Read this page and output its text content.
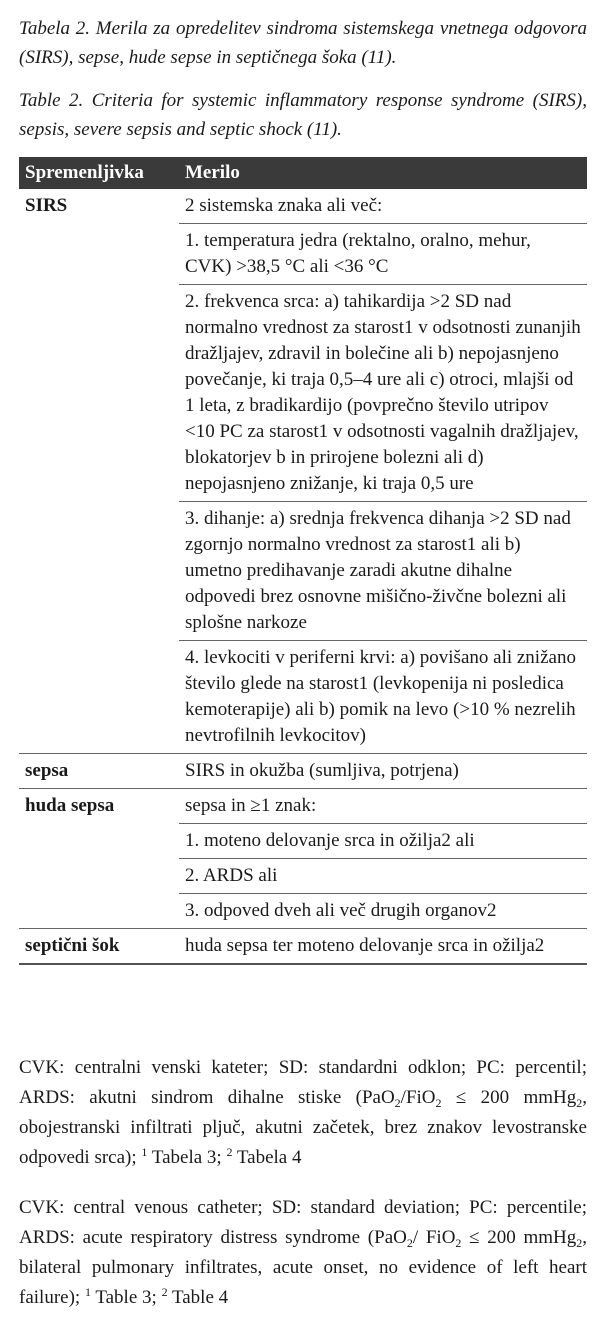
Tabela 2. Merila za opredelitev sindroma sistemskega vnetnega odgovora (SIRS), sepse, hude sepse in septičnega šoka (11).
Table 2. Criteria for systemic inflammatory response syndrome (SIRS), sepsis, severe sepsis and septic shock (11).
Spremenljivka	Merilo
SIRS	2 sistemska znaka ali več:
	1. temperatura jedra (rektalno, oralno, mehur, CVK) >38,5 °C ali <36 °C
	2. frekvenca srca: a) tahikardija >2 SD nad normalno vrednost za starost1 v odsotnosti zunanjih dražljajev, zdravil in bolečine ali b) nepojasnjeno povečanje, ki traja 0,5–4 ure ali c) otroci, mlajši od 1 leta, z bradikardijo (povprečno število utripov <10 PC za starost1 v odsotnosti vagalnih dražljajev, blokatorjev b in prirojene bolezni ali d) nepojasnjeno znižanje, ki traja 0,5 ure
	3. dihanje: a) srednja frekvenca dihanja >2 SD nad zgornjo normalno vrednost za starost1 ali b) umetno predihavanje zaradi akutne dihalne odpovedi brez osnovne mišično-živčne bolezni ali splošne narkoze
	4. levkociti v periferni krvi: a) povišano ali znižano število glede na starost1 (levkopenija ni posledica kemoterapije) ali b) pomik na levo (>10 % nezrelih nevtrofilnih levkocitov)
sepsa	SIRS in okužba (sumljiva, potrjena)
huda sepsa	sepsa in ≥1 znak:
	1. moteno delovanje srca in ožilja2 ali
	2. ARDS ali
	3. odpoved dveh ali več drugih organov2
septični šok	huda sepsa ter moteno delovanje srca in ožilja2
CVK: centralni venski kateter; SD: standardni odklon; PC: percentil; ARDS: akutni sindrom dihalne stiske (PaO$_2$/FiO$_2$ ≤ 200 mmHg$_2$, obojestranski infiltrati pljuč, akutni začetek, brez znakov levostranske odpovedi srca); $^1$ Tabela 3; $^2$ Tabela 4
CVK: central venous catheter; SD: standard deviation; PC: percentile; ARDS: acute respiratory distress syndrome (PaO$_2$/ FiO$_2$ ≤ 200 mmHg$_2$, bilateral pulmonary infiltrates, acute onset, no evidence of left heart failure); $^1$ Table 3; $^2$ Table 4
